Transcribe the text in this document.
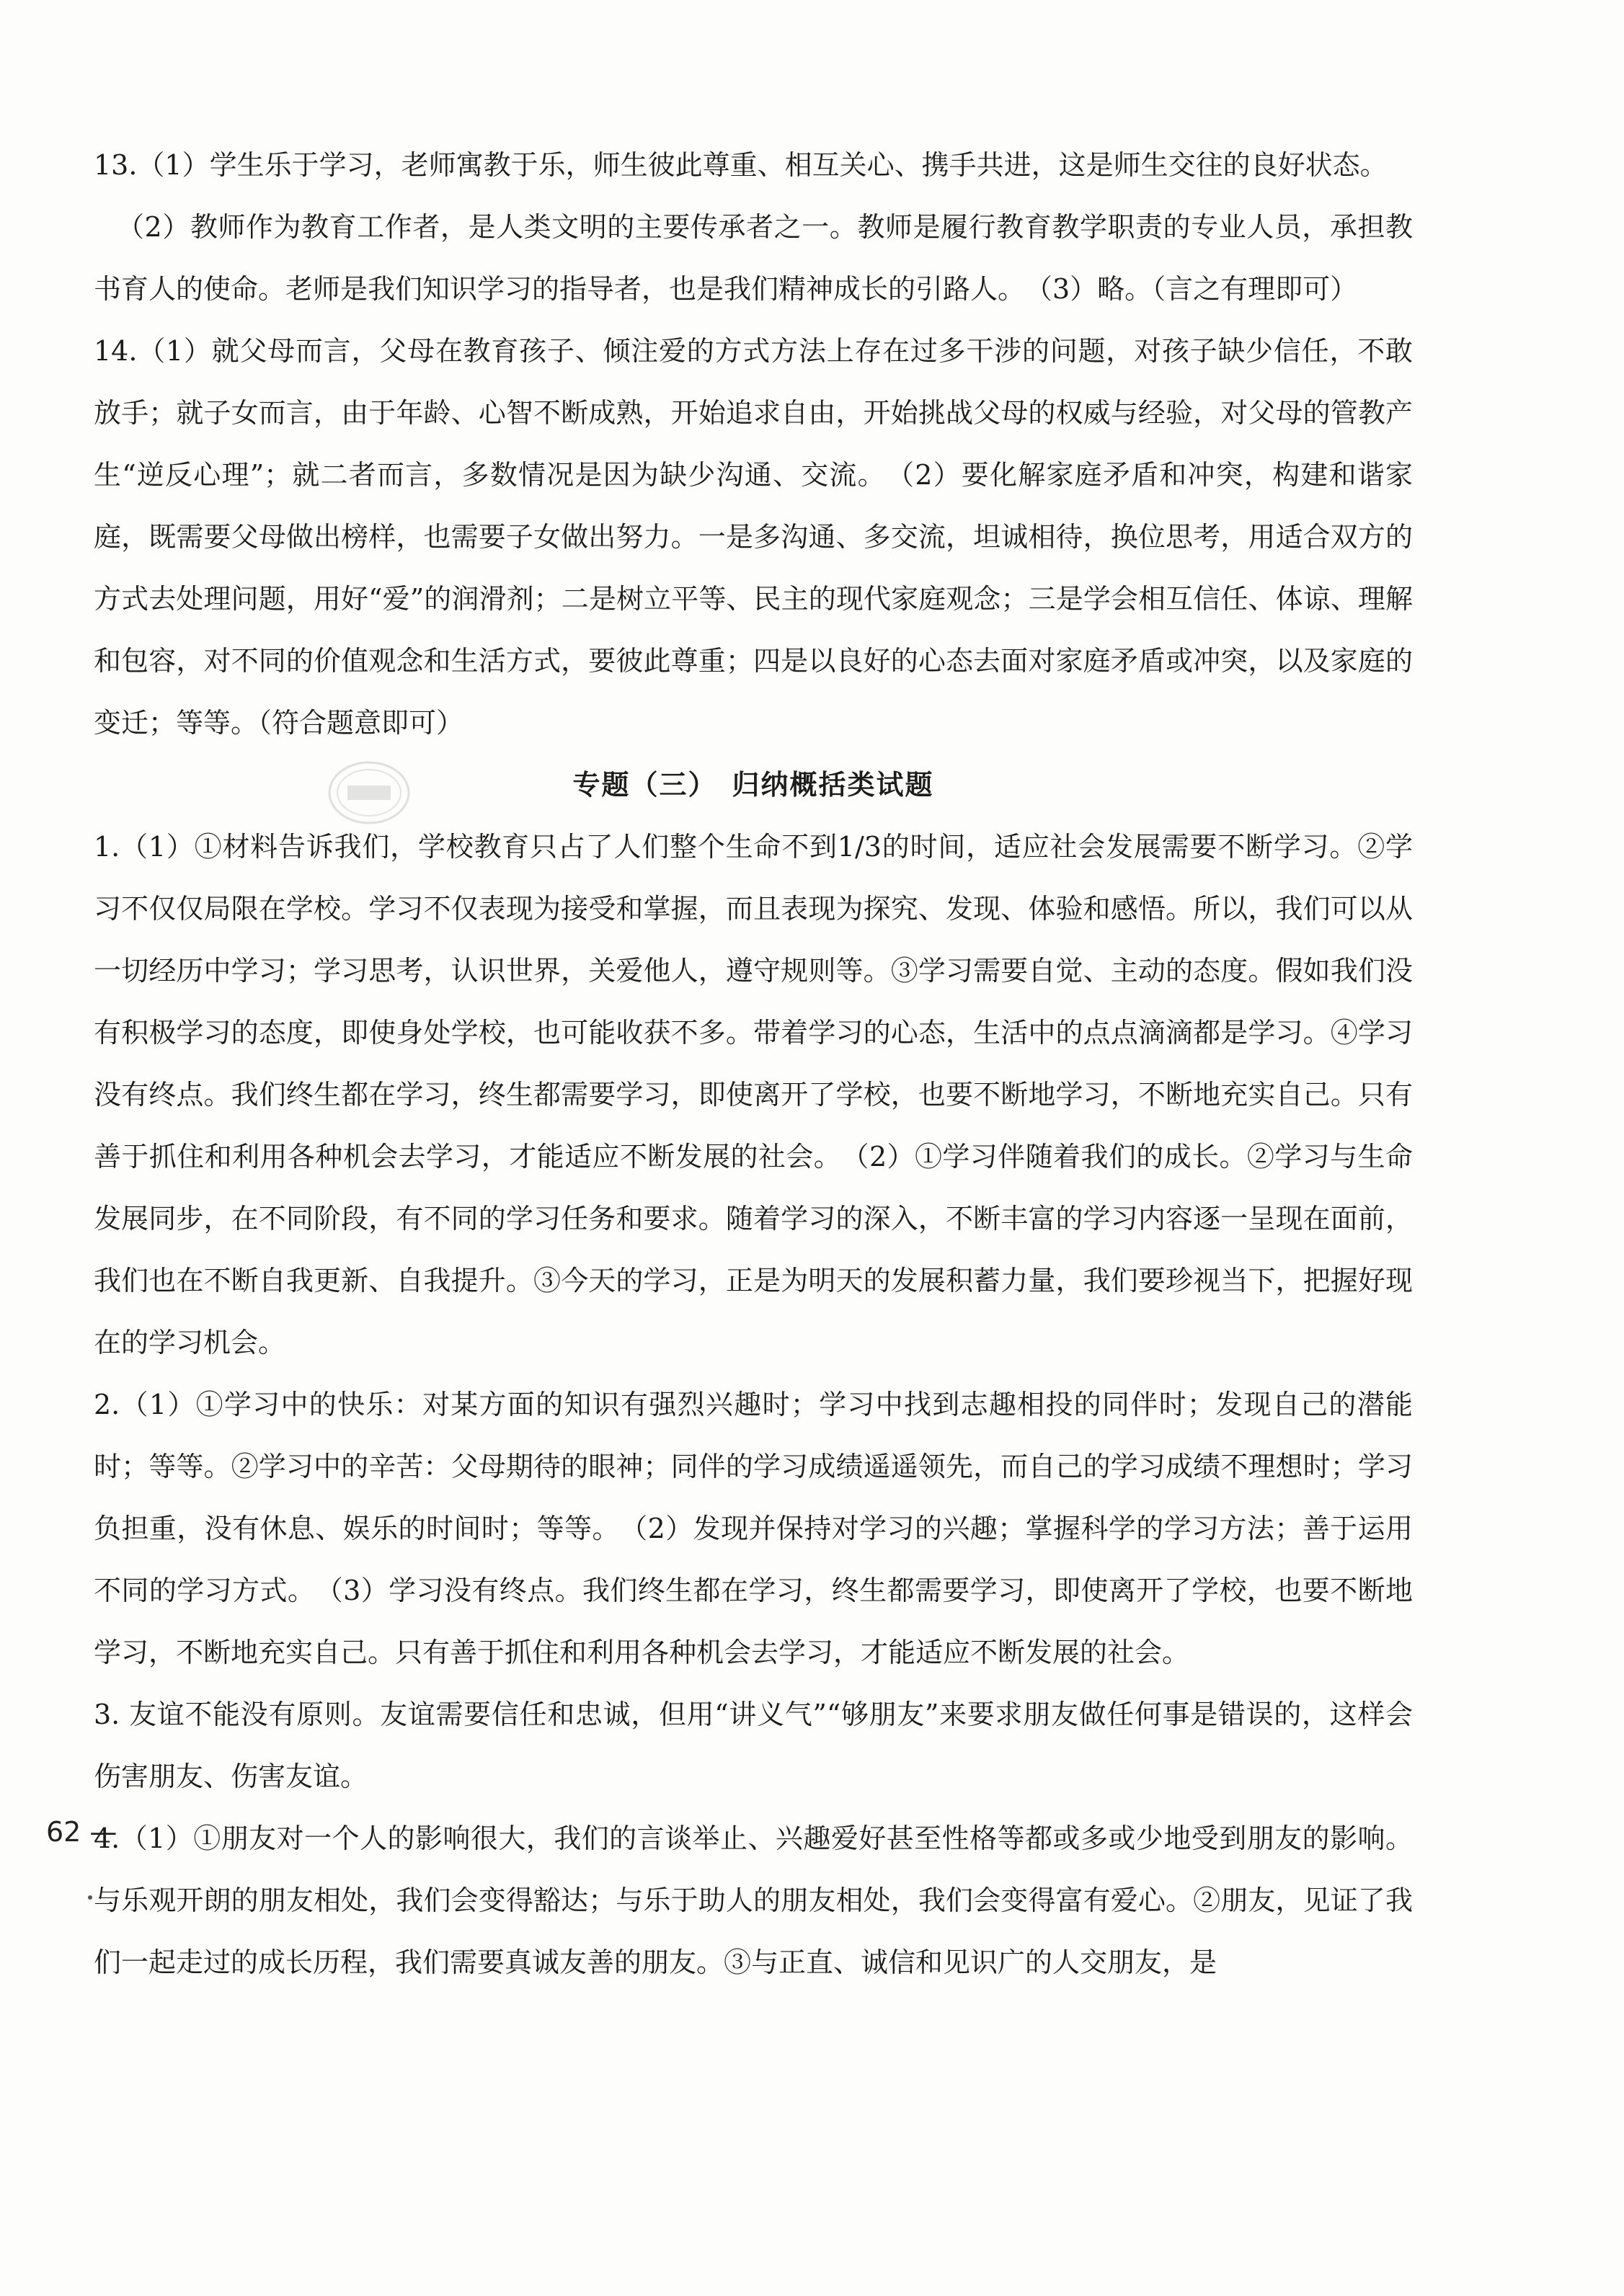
13.（1）学生乐于学习，老师寓教于乐，师生彼此尊重、相互关心、携手共进，这是师生交往的良好状态。

（2）教师作为教育工作者，是人类文明的主要传承者之一。教师是履行教育教学职责的专业人员，承担教书育人的使命。老师是我们知识学习的指导者，也是我们精神成长的引路人。　（3）略。（言之有理即可）

14.（1）就父母而言，父母在教育孩子、倾注爱的方式方法上存在过多干涉的问题，对孩子缺少信任，不敢放手；就子女而言，由于年龄、心智不断成熟，开始追求自由，开始挑战父母的权威与经验，对父母的管教产生“逆反心理”；就二者而言，多数情况是因为缺少沟通、交流。　（2）要化解家庭矛盾和冲突，构建和谐家庭，既需要父母做出榜样，也需要子女做出努力。一是多沟通、多交流，坦诚相待，换位思考，用适合双方的方式去处理问题，用好“爱”的润滑剂；二是树立平等、民主的现代家庭观念；三是学会相互信任、体谅、理解和包容，对不同的价值观念和生活方式，要彼此尊重；四是以良好的心态去面对家庭矛盾或冲突，以及家庭的变迁；等等。（符合题意即可）

专题（三）　归纳概括类试题

1.（1）①材料告诉我们，学校教育只占了人们整个生命不到1/3的时间，适应社会发展需要不断学习。②学习不仅仅局限在学校。学习不仅表现为接受和掌握，而且表现为探究、发现、体验和感悟。所以，我们可以从一切经历中学习；学习思考，认识世界，关爱他人，遵守规则等。③学习需要自觉、主动的态度。假如我们没有积极学习的态度，即使身处学校，也可能收获不多。带着学习的心态，生活中的点点滴滴都是学习。④学习没有终点。我们终生都在学习，终生都需要学习，即使离开了学校，也要不断地学习，不断地充实自己。只有善于抓住和利用各种机会去学习，才能适应不断发展的社会。　（2）①学习伴随着我们的成长。②学习与生命发展同步，在不同阶段，有不同的学习任务和要求。随着学习的深入，不断丰富的学习内容逐一呈现在面前，我们也在不断自我更新、自我提升。③今天的学习，正是为明天的发展积蓄力量，我们要珍视当下，把握好现在的学习机会。

2.（1）①学习中的快乐：对某方面的知识有强烈兴趣时；学习中找到志趣相投的同伴时；发现自己的潜能时；等等。②学习中的辛苦：父母期待的眼神；同伴的学习成绩遥遥领先，而自己的学习成绩不理想时；学习负担重，没有休息、娱乐的时间时；等等。　（2）发现并保持对学习的兴趣；掌握科学的学习方法；善于运用不同的学习方式。　（3）学习没有终点。我们终生都在学习，终生都需要学习，即使离开了学校，也要不断地学习，不断地充实自己。只有善于抓住和利用各种机会去学习，才能适应不断发展的社会。

3. 友谊不能没有原则。友谊需要信任和忠诚，但用“讲义气”“够朋友”来要求朋友做任何事是错误的，这样会伤害朋友、伤害友谊。

4.（1）①朋友对一个人的影响很大，我们的言谈举止、兴趣爱好甚至性格等都或多或少地受到朋友的影响。与乐观开朗的朋友相处，我们会变得豁达；与乐于助人的朋友相处，我们会变得富有爱心。②朋友，见证了我们一起走过的成长历程，我们需要真诚友善的朋友。③与正直、诚信和见识广的人交朋友，是

62 —
